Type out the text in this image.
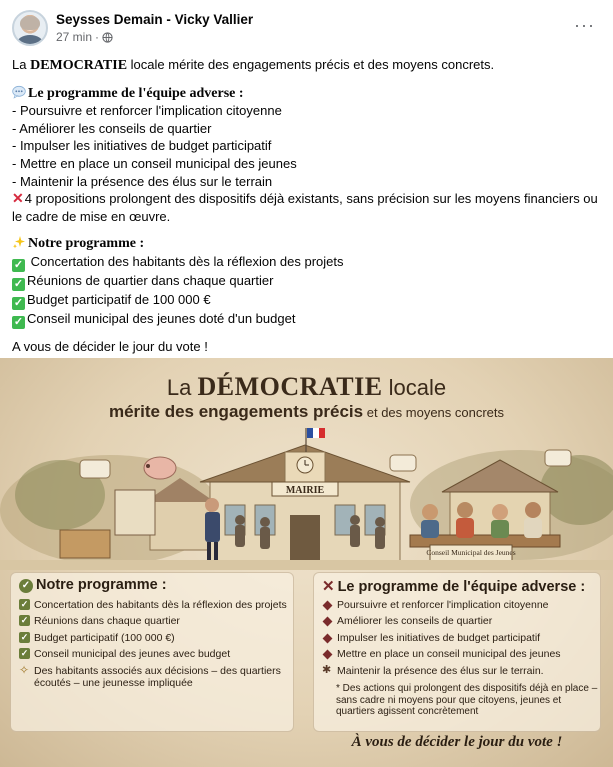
Seysses Demain - Vicky Vallier
27 min ·
···

La DEMOCRATIE locale mérite des engagements précis et des moyens concrets.

Le programme de l'équipe adverse :

- Poursuivre et renforcer l'implication citoyenne

- Améliorer les conseils de quartier

- Impulser les initiatives de budget participatif

- Mettre en place un conseil municipal des jeunes

- Maintenir la présence des élus sur le terrain

✕4 propositions prolongent des dispositifs déjà existants, sans précision sur les moyens financiers ou le cadre de mise en œuvre.

Notre programme :

✓ Concertation des habitants dès la réflexion des projets

✓ Réunions de quartier dans chaque quartier

✓ Budget participatif de 100 000 €

✓ Conseil municipal des jeunes doté d'un budget

A vous de décider le jour du vote !

La DÉMOCRATIE locale
mérite des engagements précis et des moyens concrets
MAIRIE
Conseil Municipal des Jeunes
✓ Notre programme :
✓ Concertation des habitants dès la réflexion des projets
✓ Réunions dans chaque quartier
✓ Budget participatif (100 000 €)
✓ Conseil municipal des jeunes avec budget
✧ Des habitants associés aux décisions – des quartiers écoutés – une jeunesse impliquée
✕ Le programme de l'équipe adverse :
Poursuivre et renforcer l'implication citoyenne
Améliorer les conseils de quartier
Impulser les initiatives de budget participatif
Mettre en place un conseil municipal des jeunes
✱ Maintenir la présence des élus sur le terrain.
* Des actions qui prolongent des dispositifs déjà en place – sans cadre ni moyens pour que citoyens, jeunes et quartiers agissent concrètement
À vous de décider le jour du vote !
